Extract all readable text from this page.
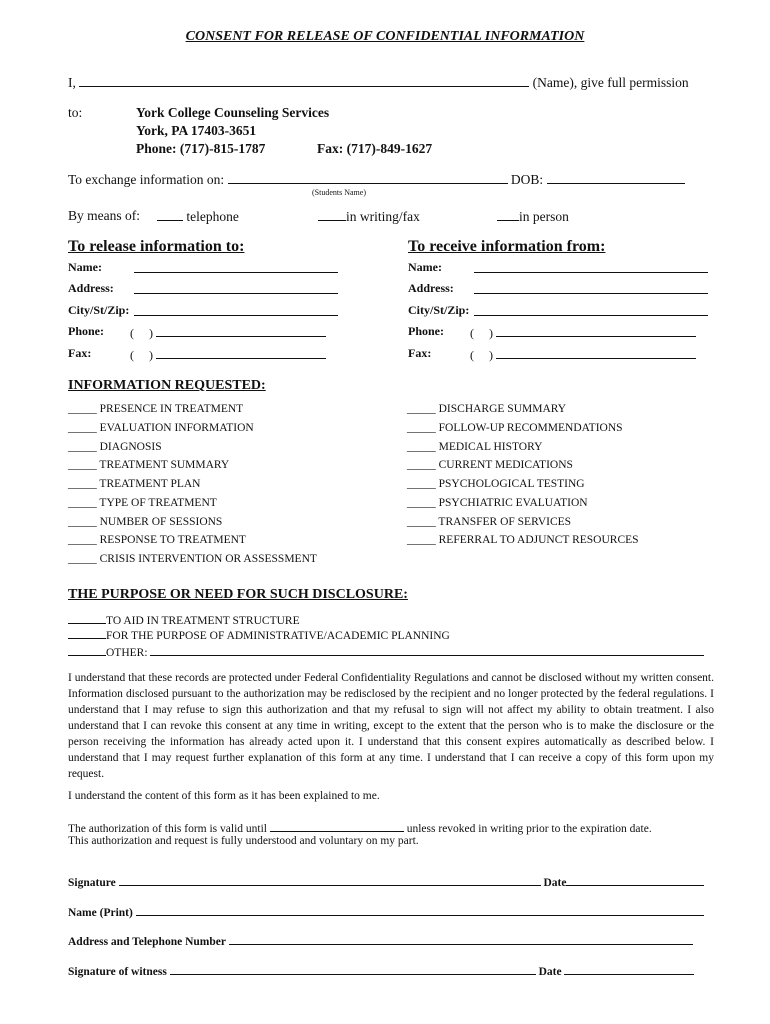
CONSENT FOR RELEASE OF CONFIDENTIAL INFORMATION
I,	(Name), give full permission
to:	York College Counseling Services
York, PA 17403-3651
Phone: (717)-815-1787	Fax: (717)-849-1627
To exchange information on:	DOB:
(Students Name)
By means of:	telephone	in writing/fax	in person
To release information to:	To receive information from:
Name:
Address:
City/St/Zip:
Phone: (     )
Fax:	(     )
Name:
Address:
City/St/Zip:
Phone: (     )
Fax:	(     )
INFORMATION REQUESTED:
_____ PRESENCE IN TREATMENT
_____ EVALUATION INFORMATION
_____ DIAGNOSIS
_____ TREATMENT SUMMARY
_____ TREATMENT PLAN
_____ TYPE OF TREATMENT
_____ NUMBER OF SESSIONS
_____ RESPONSE TO TREATMENT
_____ CRISIS INTERVENTION OR ASSESSMENT
_____ DISCHARGE SUMMARY
_____ FOLLOW-UP RECOMMENDATIONS
_____ MEDICAL HISTORY
_____ CURRENT MEDICATIONS
_____ PSYCHOLOGICAL TESTING
_____ PSYCHIATRIC EVALUATION
_____ TRANSFER OF SERVICES
_____ REFERRAL TO ADJUNCT RESOURCES
THE PURPOSE OR NEED FOR SUCH DISCLOSURE:
TO AID IN TREATMENT STRUCTURE
FOR THE PURPOSE OF ADMINISTRATIVE/ACADEMIC PLANNING
OTHER:
I understand that these records are protected under Federal Confidentiality Regulations and cannot be disclosed without my written consent. Information disclosed pursuant to the authorization may be redisclosed by the recipient and no longer protected by the federal regulations. I understand that I may refuse to sign this authorization and that my refusal to sign will not affect my ability to obtain treatment. I also understand that I can revoke this consent at any time in writing, except to the extent that the person who is to make the disclosure or the person receiving the information has already acted upon it. I understand that this consent expires automatically as described below. I understand that I may request further explanation of this form at any time. I understand that I can receive a copy of this form upon my request.
I understand the content of this form as it has been explained to me.
The authorization of this form is valid until	unless revoked in writing prior to the expiration date.
This authorization and request is fully understood and voluntary on my part.
Signature	Date
Name (Print)
Address and Telephone Number
Signature of witness	Date
